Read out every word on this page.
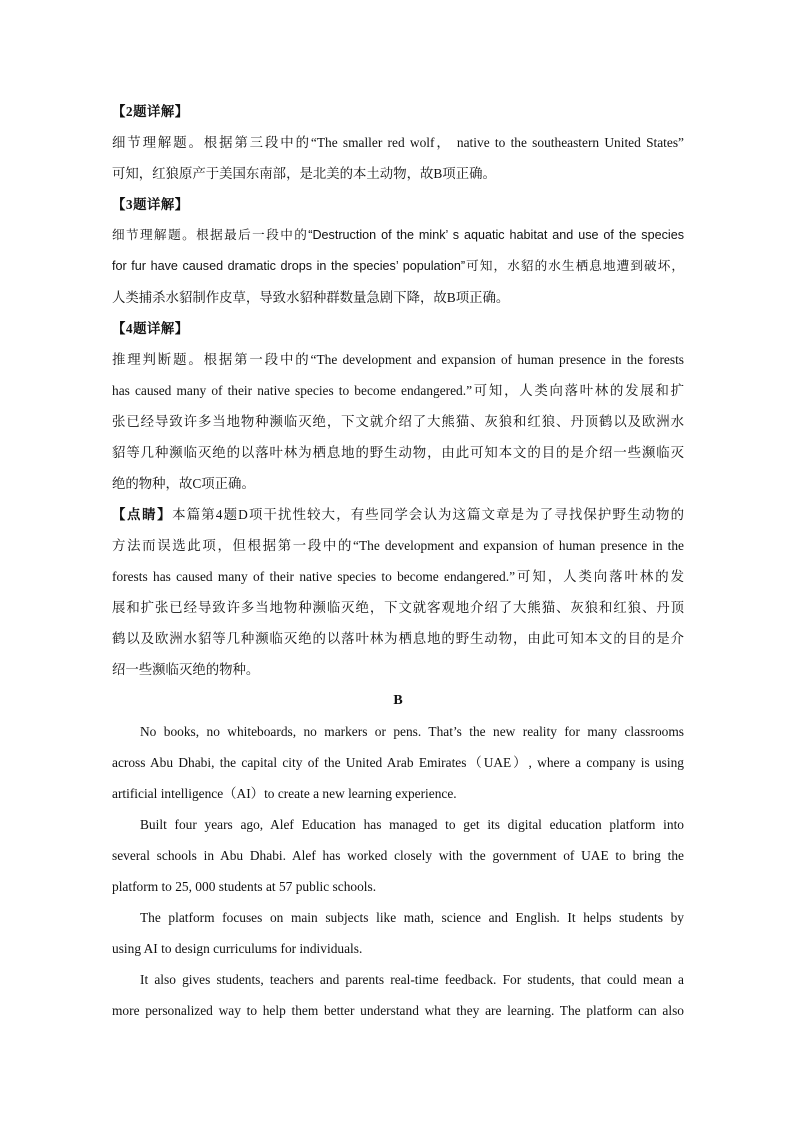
【2题详解】
细节理解题。根据第三段中的“The smaller red wolf， native to the southeastern United States”
可知，红狼原产于美国东南部，是北美的本土动物，故B项正确。
【3题详解】
细节理解题。根据最后一段中的“Destruction of the mink’ s aquatic habitat and use of the species
for fur have caused dramatic drops in the species’ population”可知，水貂的水生栖息地遭到破坏，
人类捕杀水貂制作皮草，导致水貂种群数量急剧下降，故B项正确。
【4题详解】
推理判断题。根据第一段中的“The development and expansion of human presence in the forests
has caused many of their native species to become endangered.”可知，人类向落叶林的发展和扩
张已经导致许多当地物种濒临灭绝，下文就介绍了大熊猫、灰狼和红狼、丹顶鹤以及欧洲水
貂等几种濒临灭绝的以落叶林为栖息地的野生动物，由此可知本文的目的是介绍一些濒临灭
绝的物种，故C项正确。
【点睛】本篇第4题D项干扰性较大，有些同学会认为这篇文章是为了寻找保护野生动物的
方法而误选此项，但根据第一段中的“The development and expansion of human presence in the
forests has caused many of their native species to become endangered.”可知，人类向落叶林的发
展和扩张已经导致许多当地物种濒临灭绝，下文就客观地介绍了大熊猫、灰狼和红狼、丹顶
鹤以及欧洲水貂等几种濒临灭绝的以落叶林为栖息地的野生动物，由此可知本文的目的是介
绍一些濒临灭绝的物种。
B
No books, no whiteboards, no markers or pens. That’s the new reality for many classrooms
across Abu Dhabi, the capital city of the United Arab Emirates（UAE）, where a company is using
artificial intelligence（AI）to create a new learning experience.
Built four years ago, Alef Education has managed to get its digital education platform into
several schools in Abu Dhabi. Alef has worked closely with the government of UAE to bring the
platform to 25, 000 students at 57 public schools.
The platform focuses on main subjects like math, science and English. It helps students by
using AI to design curriculums for individuals.
It also gives students, teachers and parents real-time feedback. For students, that could mean a
more personalized way to help them better understand what they are learning. The platform can also
